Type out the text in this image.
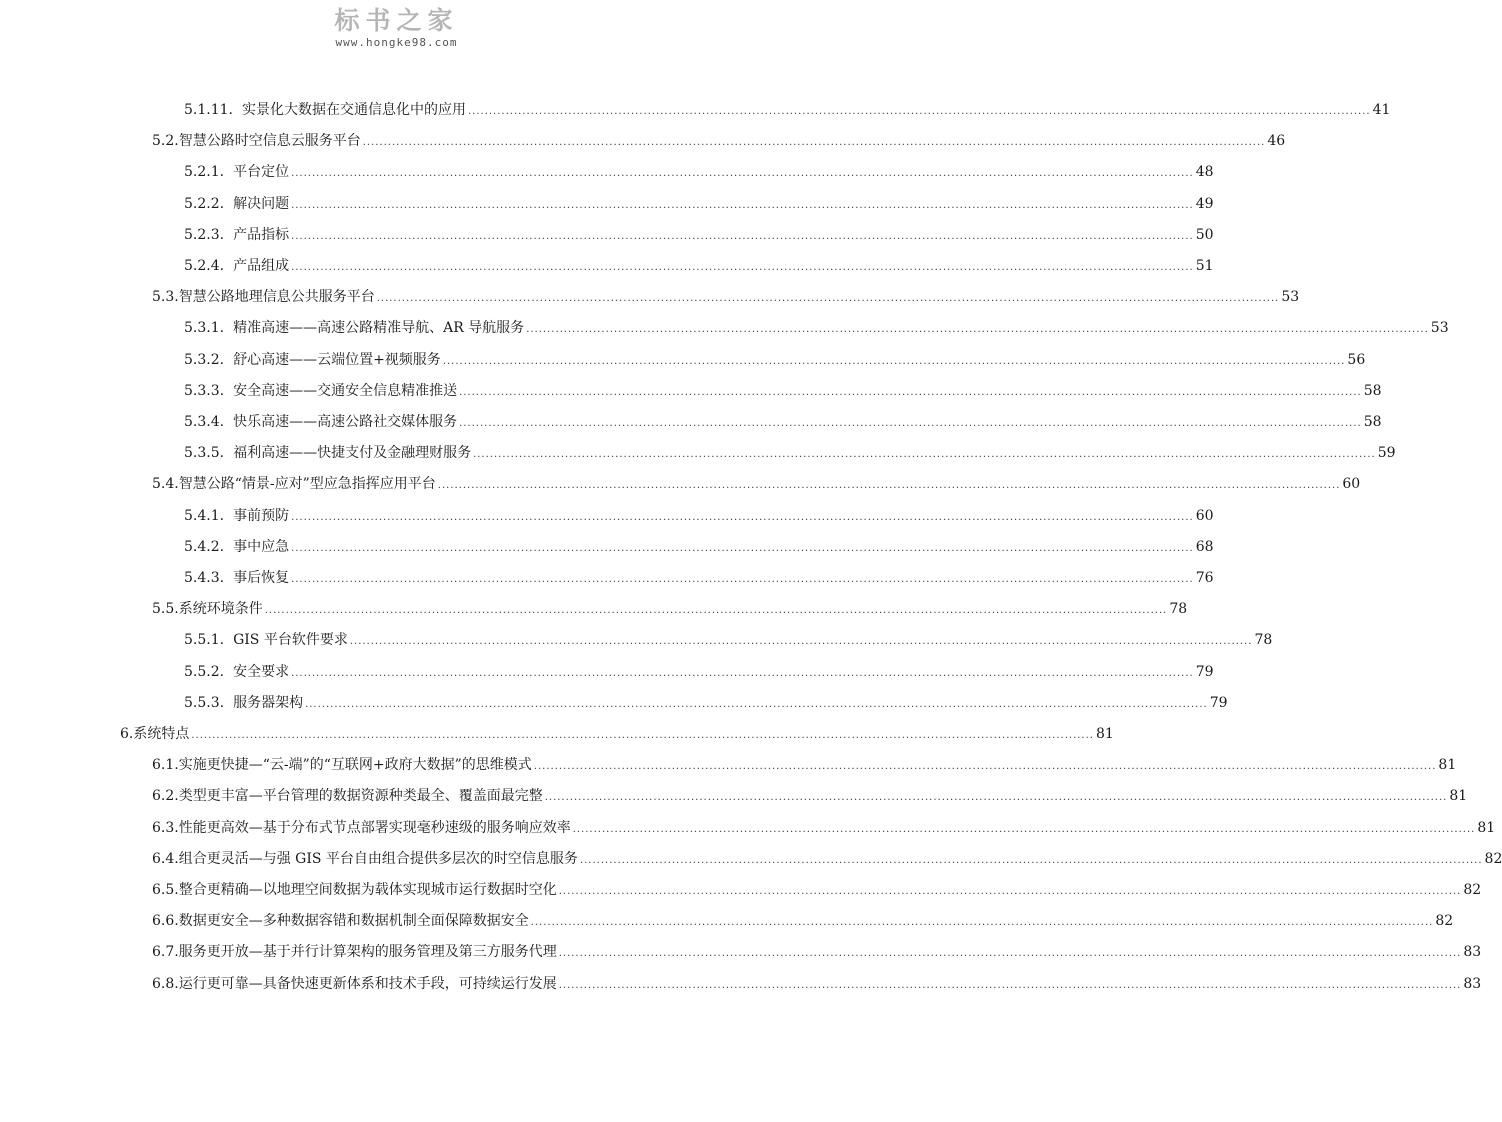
标书之家
www.hongke98.com
5.1.11. 实景化大数据在交通信息化中的应用 .....	41
5.2. 智慧公路时空信息云服务平台 .....	46
5.2.1. 平台定位 .....	48
5.2.2. 解决问题 .....	49
5.2.3. 产品指标 .....	50
5.2.4. 产品组成 .....	51
5.3. 智慧公路地理信息公共服务平台 .....	53
5.3.1. 精准高速——高速公路精准导航、AR 导航服务 .....	53
5.3.2. 舒心高速——云端位置+视频服务 .....	56
5.3.3. 安全高速——交通安全信息精准推送 .....	58
5.3.4. 快乐高速——高速公路社交媒体服务 .....	58
5.3.5. 福利高速——快捷支付及金融理财服务 .....	59
5.4. 智慧公路“情景-应对”型应急指挥应用平台 .....	60
5.4.1. 事前预防 .....	60
5.4.2. 事中应急 .....	68
5.4.3. 事后恢复 .....	76
5.5. 系统环境条件 .....	78
5.5.1. GIS 平台软件要求 .....	78
5.5.2. 安全要求 .....	79
5.5.3. 服务器架构 .....	79
6. 系统特点 .....	81
6.1. 实施更快捷—“云-端”的“互联网+政府大数据”的思维模式 .....	81
6.2. 类型更丰富—平台管理的数据资源种类最全、覆盖面最完整 .....	81
6.3. 性能更高效—基于分布式节点部署实现毫秒速级的服务响应效率 .....	81
6.4. 组合更灵活—与强 GIS 平台自由组合提供多层次的时空信息服务 .....	82
6.5. 整合更精确—以地理空间数据为载体实现城市运行数据时空化 .....	82
6.6. 数据更安全—多种数据容错和数据机制全面保障数据安全 .....	82
6.7. 服务更开放—基于并行计算架构的服务管理及第三方服务代理 .....	83
6.8. 运行更可靠—具备快速更新体系和技术手段，可持续运行发展 .....	83
